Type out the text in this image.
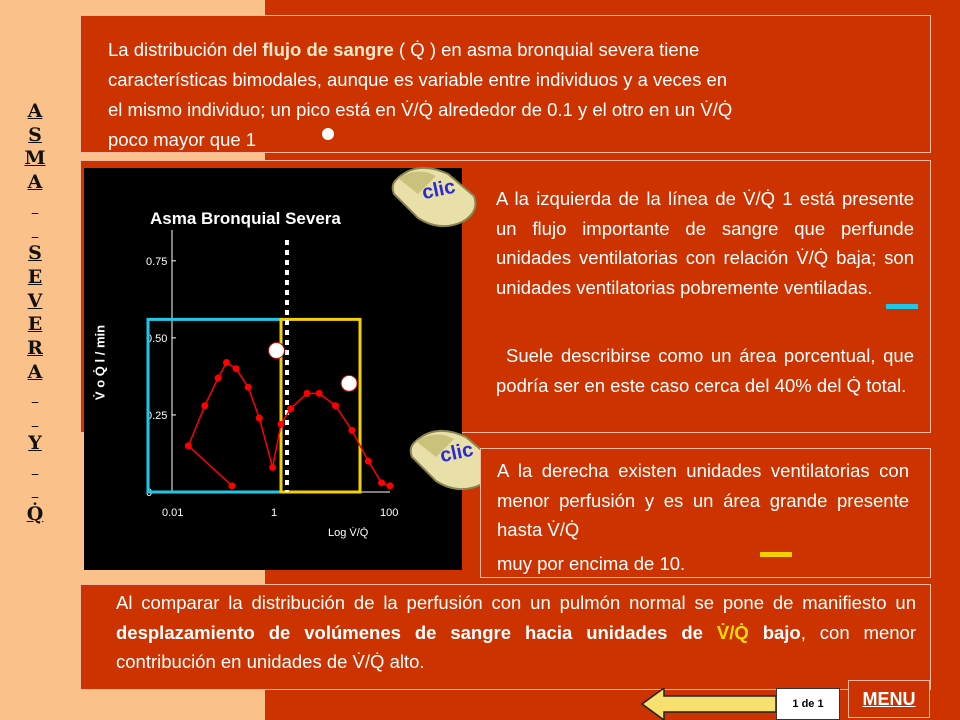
A
S
M
A

S
E
V
E
R
A

Y

Q̇
La distribución del flujo de sangre ( Q̇ ) en asma bronquial severa tiene
características bimodales, aunque es variable entre individuos y a veces en
el mismo individuo; un pico está en V̇/Q̇ alrededor de 0.1 y el otro en un V̇/Q̇
poco mayor que 1
Asma Bronquial Severa
0
0.25
0.50
0.75
0.01	1	100
V̇ o Q̇ l / min
Log V̇/Q̇
clic
clic
A la izquierda de la línea de V̇/Q̇ 1 está presente un flujo importante de sangre que perfunde unidades ventilatorias con relación V̇/Q̇ baja; son unidades ventilatorias pobremente ventiladas.
Suele describirse como un área porcentual, que podría ser en este caso cerca del 40% del Q̇ total.
A la derecha existen unidades ventilatorias con menor perfusión y es un área grande presente hasta V̇/Q̇
muy por encima de 10.
Al comparar la distribución de la perfusión con un pulmón normal se pone de manifiesto un desplazamiento de volúmenes de sangre hacia unidades de V̇/Q̇ bajo, con menor contribución en unidades de V̇/Q̇ alto.
1 de 1	MENU
